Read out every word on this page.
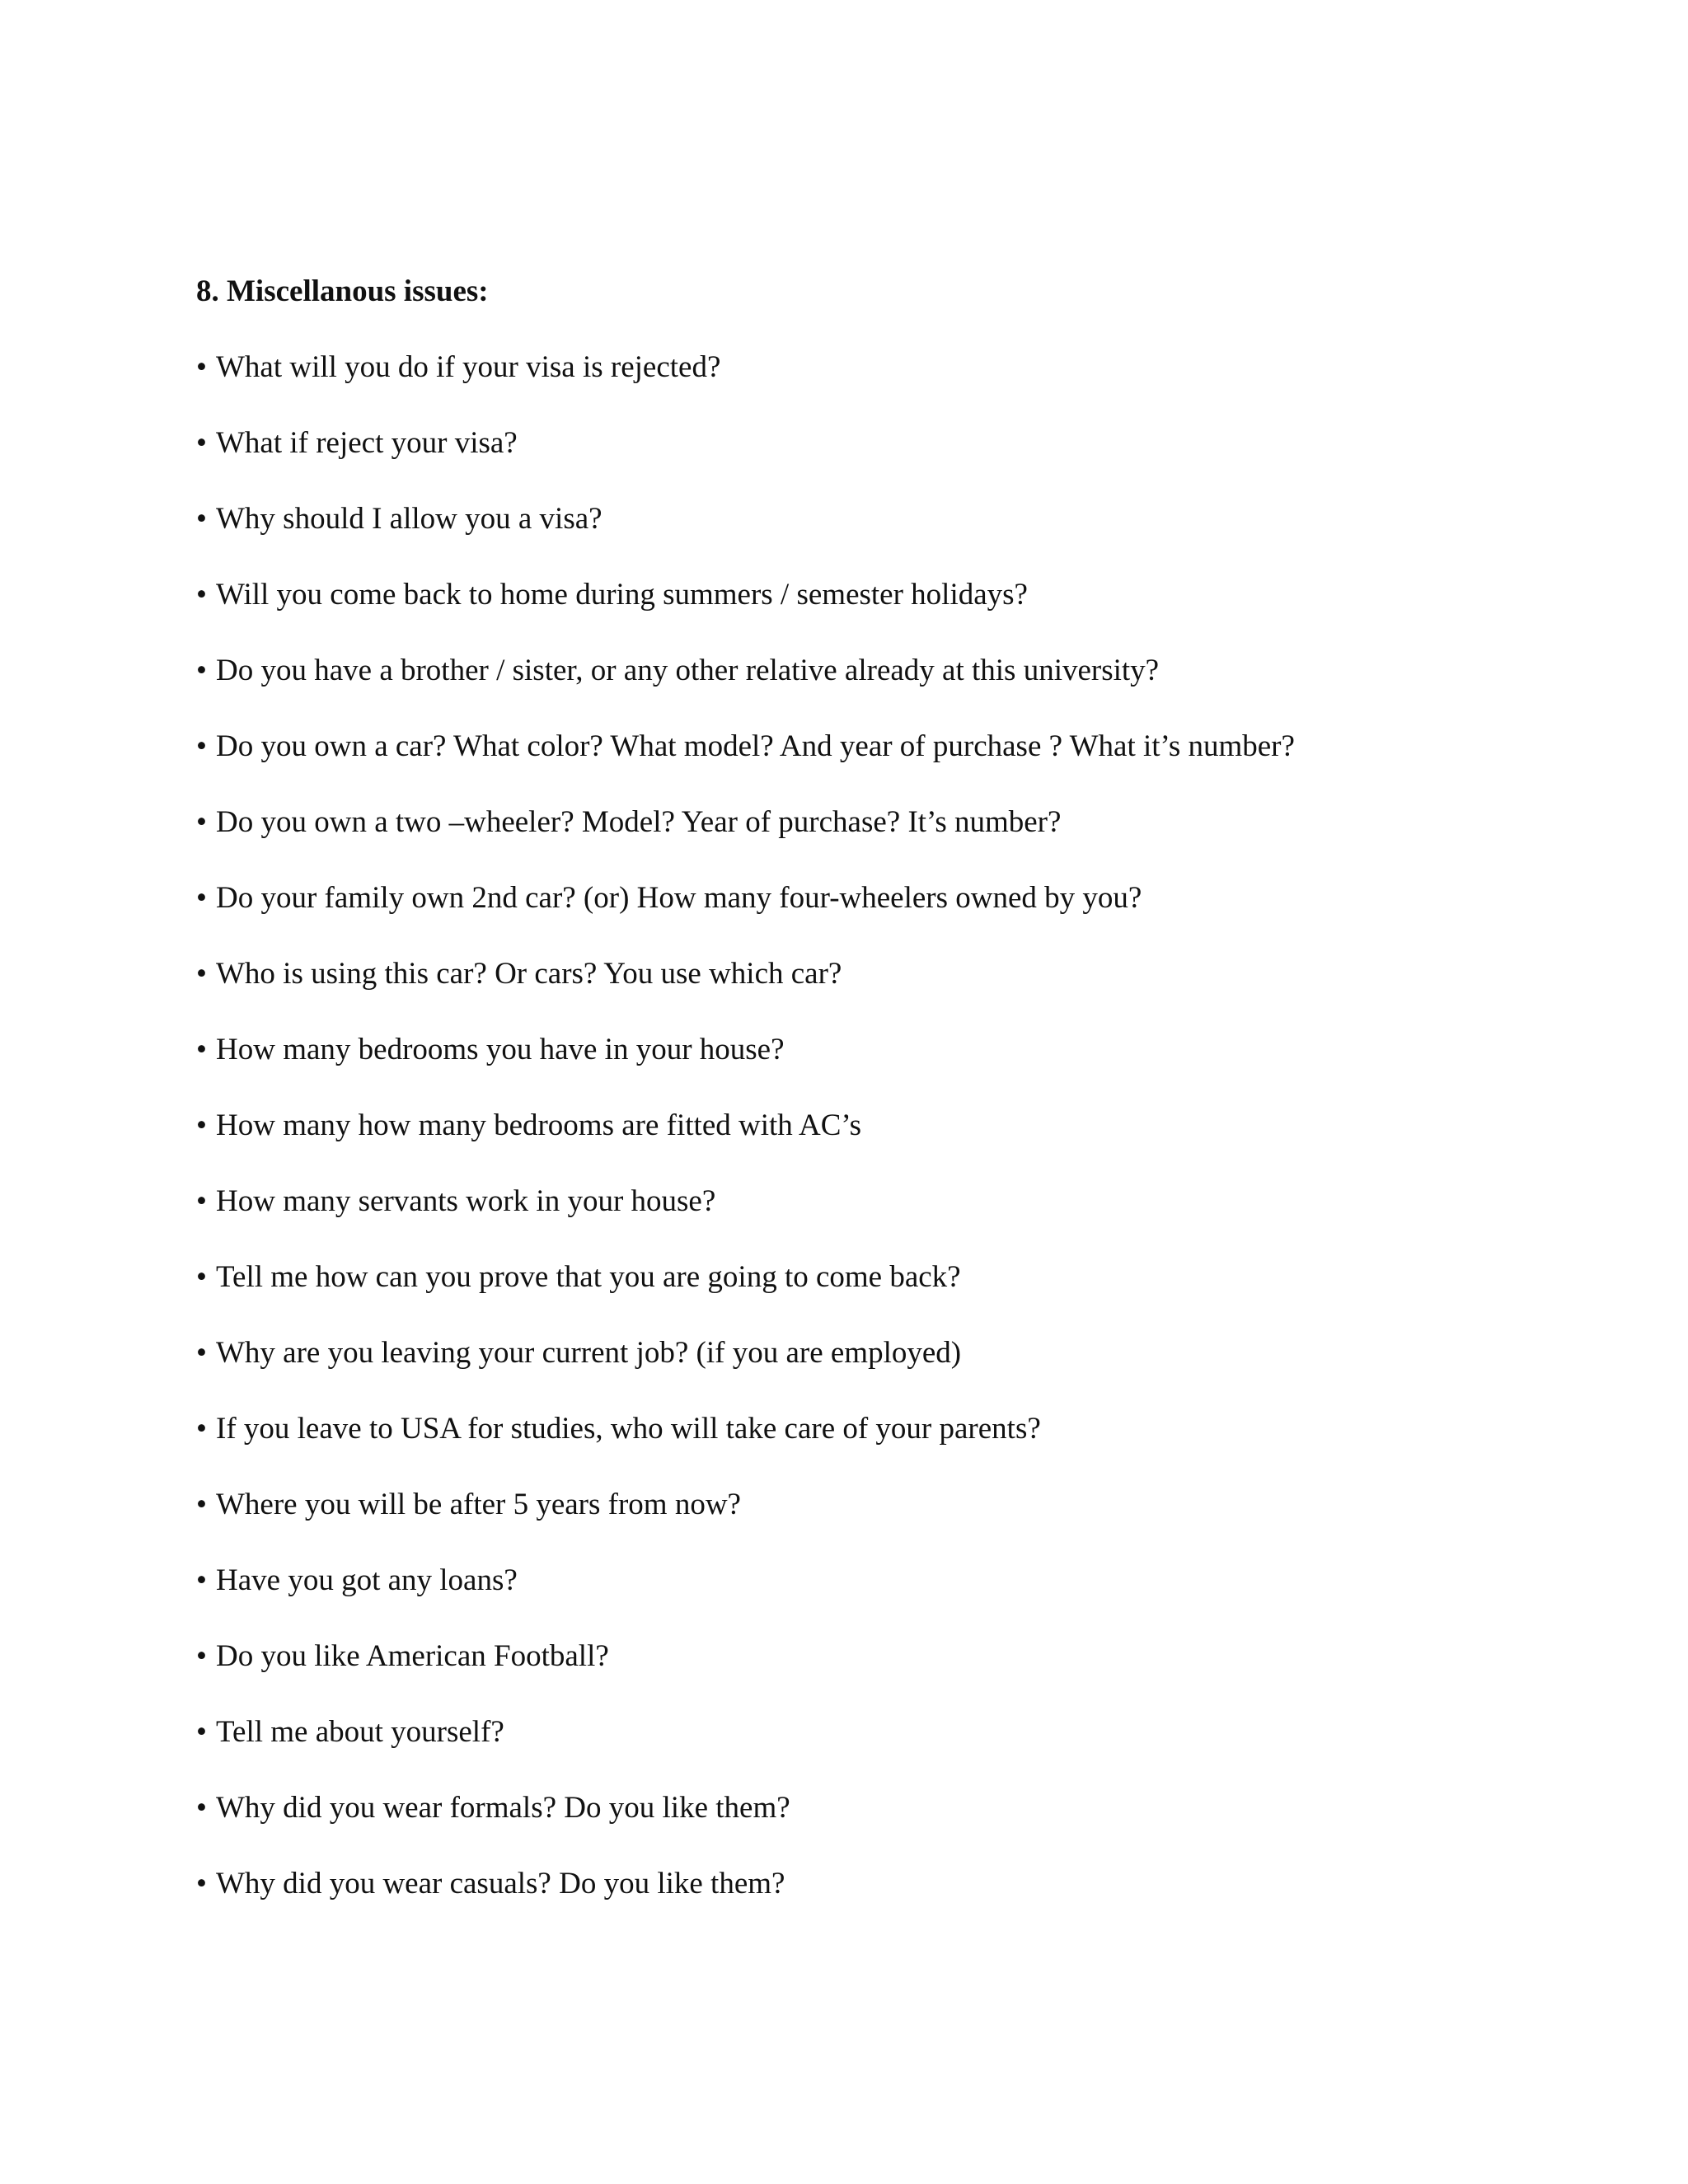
8. Miscellanous issues:
• What will you do if your visa is rejected?
• What if reject your visa?
• Why should I allow you a visa?
• Will you come back to home during summers / semester holidays?
• Do you have a brother / sister, or any other relative already at this university?
• Do you own a car? What color? What model? And year of purchase ? What it’s number?
• Do you own a two –wheeler? Model? Year of purchase? It’s number?
• Do your family own 2nd car? (or) How many four-wheelers owned by you?
• Who is using this car? Or cars? You use which car?
• How many bedrooms you have in your house?
• How many how many bedrooms are fitted with AC’s
• How many servants work in your house?
• Tell me how can you prove that you are going to come back?
• Why are you leaving your current job? (if you are employed)
• If you leave to USA for studies, who will take care of your parents?
• Where you will be after 5 years from now?
• Have you got any loans?
• Do you like American Football?
• Tell me about yourself?
• Why did you wear formals? Do you like them?
• Why did you wear casuals? Do you like them?
